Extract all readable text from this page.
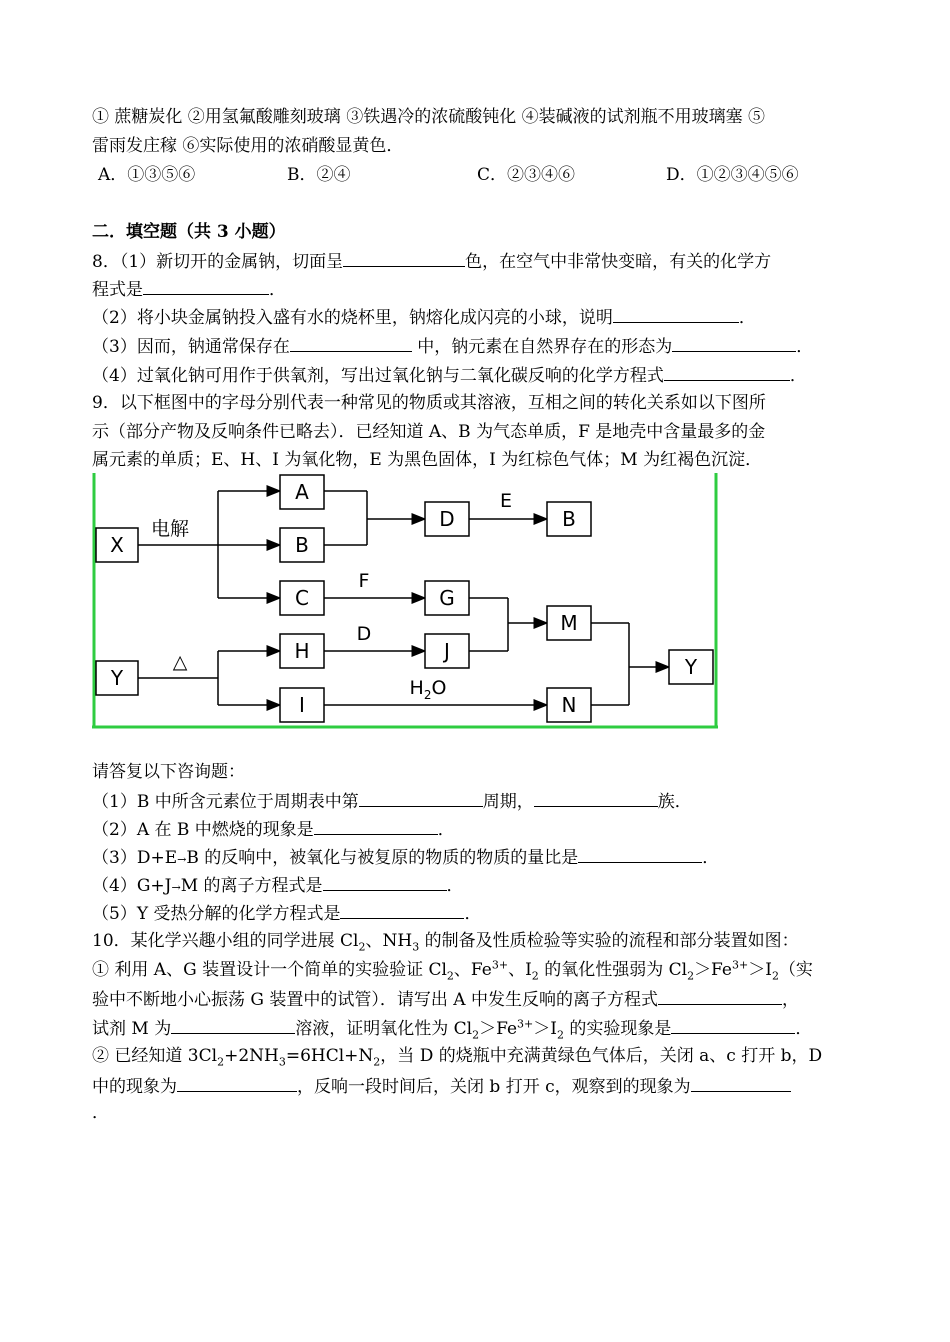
① 蔗糖炭化 ②用氢氟酸雕刻玻璃 ③铁遇冷的浓硫酸钝化 ④装碱液的试剂瓶不用玻璃塞 ⑤
雷雨发庄稼 ⑥实际使用的浓硝酸显黄色．
A．①③⑤⑥	B．②④	C．②③④⑥	D．①②③④⑤⑥
二．填空题（共 3 小题）
8．（1）新切开的金属钠，切面呈	色，在空气中非常快变暗，有关的化学方
程式是	．
（2）将小块金属钠投入盛有水的烧杯里，钠熔化成闪亮的小球，说明	．
（3）因而，钠通常保存在	中，钠元素在自然界存在的形态为	．
（4）过氧化钠可用作于供氧剂，写出过氧化钠与二氧化碳反响的化学方程式	．
9．以下框图中的字母分别代表一种常见的物质或其溶液，互相之间的转化关系如以下图所
示（部分产物及反响条件已略去）．已经知道 A、B 为气态单质，F 是地壳中含量最多的金
属元素的单质；E、H、I 为氧化物，E 为黑色固体，I 为红棕色气体；M 为红褐色沉淀．
电解
△
E
F
D
$H_2O$
X
Y
A
B
C
H
I
D	B
G
J
M
N
Y
请答复以下咨询题：
（1）B 中所含元素位于周期表中第	周期，	族．
（2）A 在 B 中燃烧的现象是	．
（3）D+E→B 的反响中，被氧化与被复原的物质的物质的量比是	．
（4）G+J→M 的离子方程式是	．
（5）Y 受热分解的化学方程式是	．
10．某化学兴趣小组的同学进展 $Cl_2$、$NH_3$ 的制备及性质检验等实验的流程和部分装置如图：
① 利用 A、G 装置设计一个简单的实验验证 $Cl_2$、$Fe^{3+}$、$I_2$ 的氧化性强弱为 $Cl_2>Fe^{3+}>I_2$（实
验中不断地小心振荡 G 装置中的试管）．请写出 A 中发生反响的离子方程式	，
试剂 M 为	溶液，证明氧化性为 $Cl_2>Fe^{3+}>I_2$ 的实验现象是	．
② 已经知道 $3Cl_2+2NH_3=6HCl+N_2$，当 D 的烧瓶中充满黄绿色气体后，关闭 a、c 打开 b，D
中的现象为	，反响一段时间后，关闭 b 打开 c，观察到的现象为
．
